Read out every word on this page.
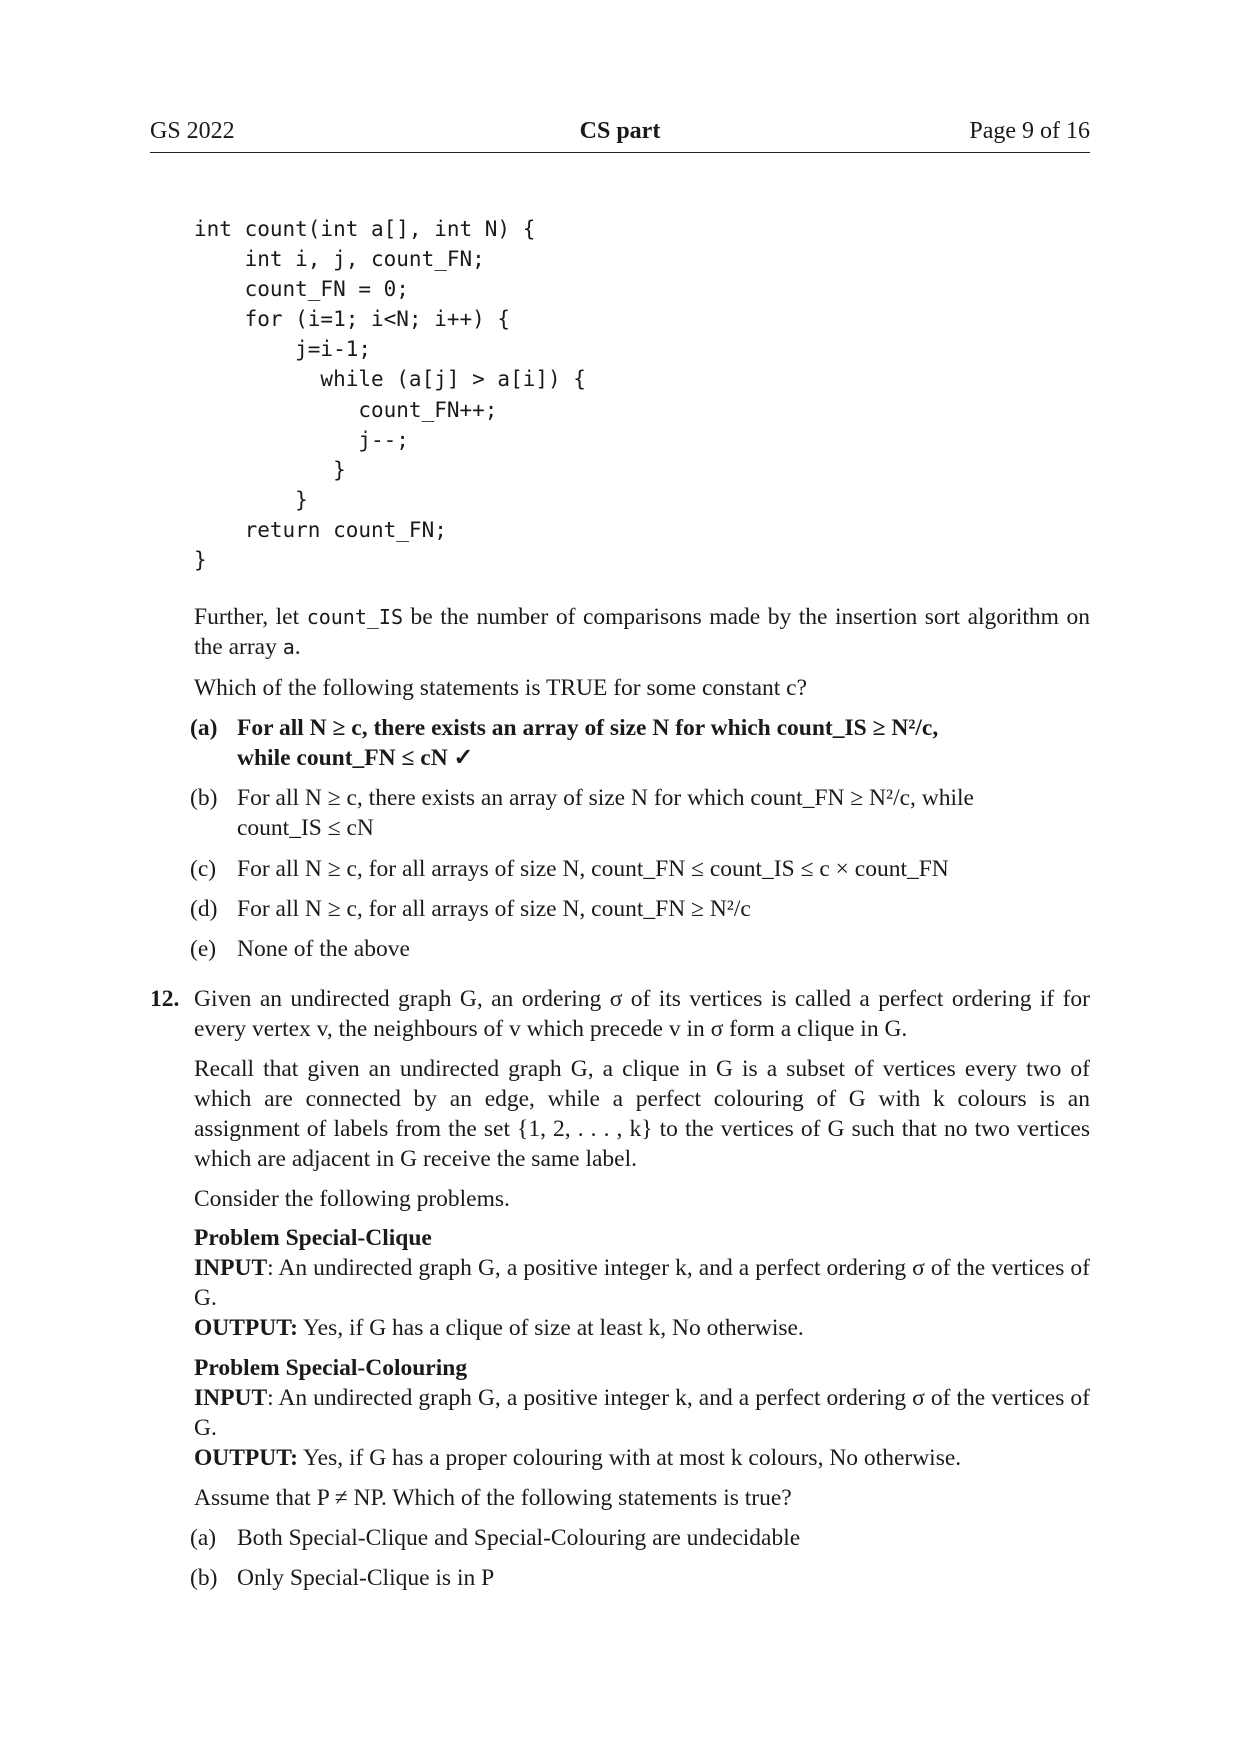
GS 2022	CS part	Page 9 of 16
int count(int a[], int N) {
int i, j, count_FN;
count_FN = 0;
for (i=1; i<N; i++) {
j=i-1;
while (a[j] > a[i]) {
count_FN++;
j--;
}
}
return count_FN;
}
Further, let count_IS be the number of comparisons made by the insertion sort algorithm on the array a.
Which of the following statements is TRUE for some constant c?
(a) For all N ≥ c, there exists an array of size N for which count_IS ≥ N²/c,
while count_FN ≤ cN ✓
(b) For all N ≥ c, there exists an array of size N for which count_FN ≥ N²/c, while
count_IS ≤ cN
(c) For all N ≥ c, for all arrays of size N, count_FN ≤ count_IS ≤ c × count_FN
(d) For all N ≥ c, for all arrays of size N, count_FN ≥ N²/c
(e) None of the above
12. Given an undirected graph G, an ordering σ of its vertices is called a perfect ordering if for every vertex v, the neighbours of v which precede v in σ form a clique in G.
Recall that given an undirected graph G, a clique in G is a subset of vertices every two of which are connected by an edge, while a perfect colouring of G with k colours is an assignment of labels from the set {1, 2, . . . , k} to the vertices of G such that no two vertices which are adjacent in G receive the same label.
Consider the following problems.
Problem Special-Clique
INPUT: An undirected graph G, a positive integer k, and a perfect ordering σ of the vertices of G.
OUTPUT: Yes, if G has a clique of size at least k, No otherwise.
Problem Special-Colouring
INPUT: An undirected graph G, a positive integer k, and a perfect ordering σ of the vertices of G.
OUTPUT: Yes, if G has a proper colouring with at most k colours, No otherwise.
Assume that P ≠ NP. Which of the following statements is true?
(a) Both Special-Clique and Special-Colouring are undecidable
(b) Only Special-Clique is in P
